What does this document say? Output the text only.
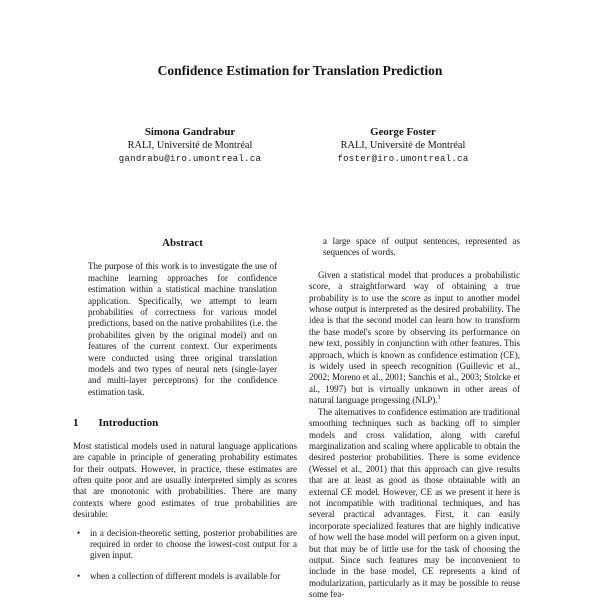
Confidence Estimation for Translation Prediction
Simona Gandrabur
RALI, Université de Montréal
gandrabu@iro.umontreal.ca
George Foster
RALI, Université de Montréal
foster@iro.umontreal.ca
Abstract

The purpose of this work is to investigate the use of machine learning approaches for confidence estimation within a statistical machine translation application. Specifically, we attempt to learn probabilities of correctness for various model predictions, based on the native probabilites (i.e. the probabilites given by the original model) and on features of the current context. Our experiments were conducted using three original translation models and two types of neural nets (single-layer and multi-layer perceptrons) for the confidence estimation task.

1 Introduction

Most statistical models used in natural language applications are capable in principle of generating probability estimates for their outputs. However, in practice, these estimates are often quite poor and are usually interpreted simply as scores that are monotonic with probabilities. There are many contexts where good estimates of true probabilities are desirable:

• in a decision-theoretic setting, posterior probabilities are required in order to choose the lowest-cost output for a given input.
• when a collection of different models is available for

a large space of output sentences, represented as sequences of words.

Given a statistical model that produces a probabilistic score, a straightforward way of obtaining a true probability is to use the score as input to another model whose output is interpreted as the desired probability. The idea is that the second model can learn how to transform the base model's score by observing its performance on new text, possibly in conjunction with other features. This approach, which is known as confidence estimation (CE), is widely used in speech recognition (Guillevic et al., 2002; Moreno et al., 2001; Sanchis et al., 2003; Stolcke et al., 1997) but is virtually unknown in other areas of natural language progessing (NLP).$^1$

The alternatives to confidence estimation are traditional smoothing techniques such as backing off to simpler models and cross validation, along with careful marginalization and scaling where applicable to obtain the desired posterior probabilities. There is some evidence (Wessel et al., 2001) that this approach can give results that are at least as good as those obtainable with an external CE model. However, CE as we present it here is not incompatible with traditional techniques, and has several practical advantages. First, it can easily incorporate specialized features that are highly indicative of how well the base model will perform on a given input, but that may be of little use for the task of choosing the output. Since such features may be inconvenient to include in the base model, CE represents a kind of modularization, particularly as it may be possible to reuse some fea-
